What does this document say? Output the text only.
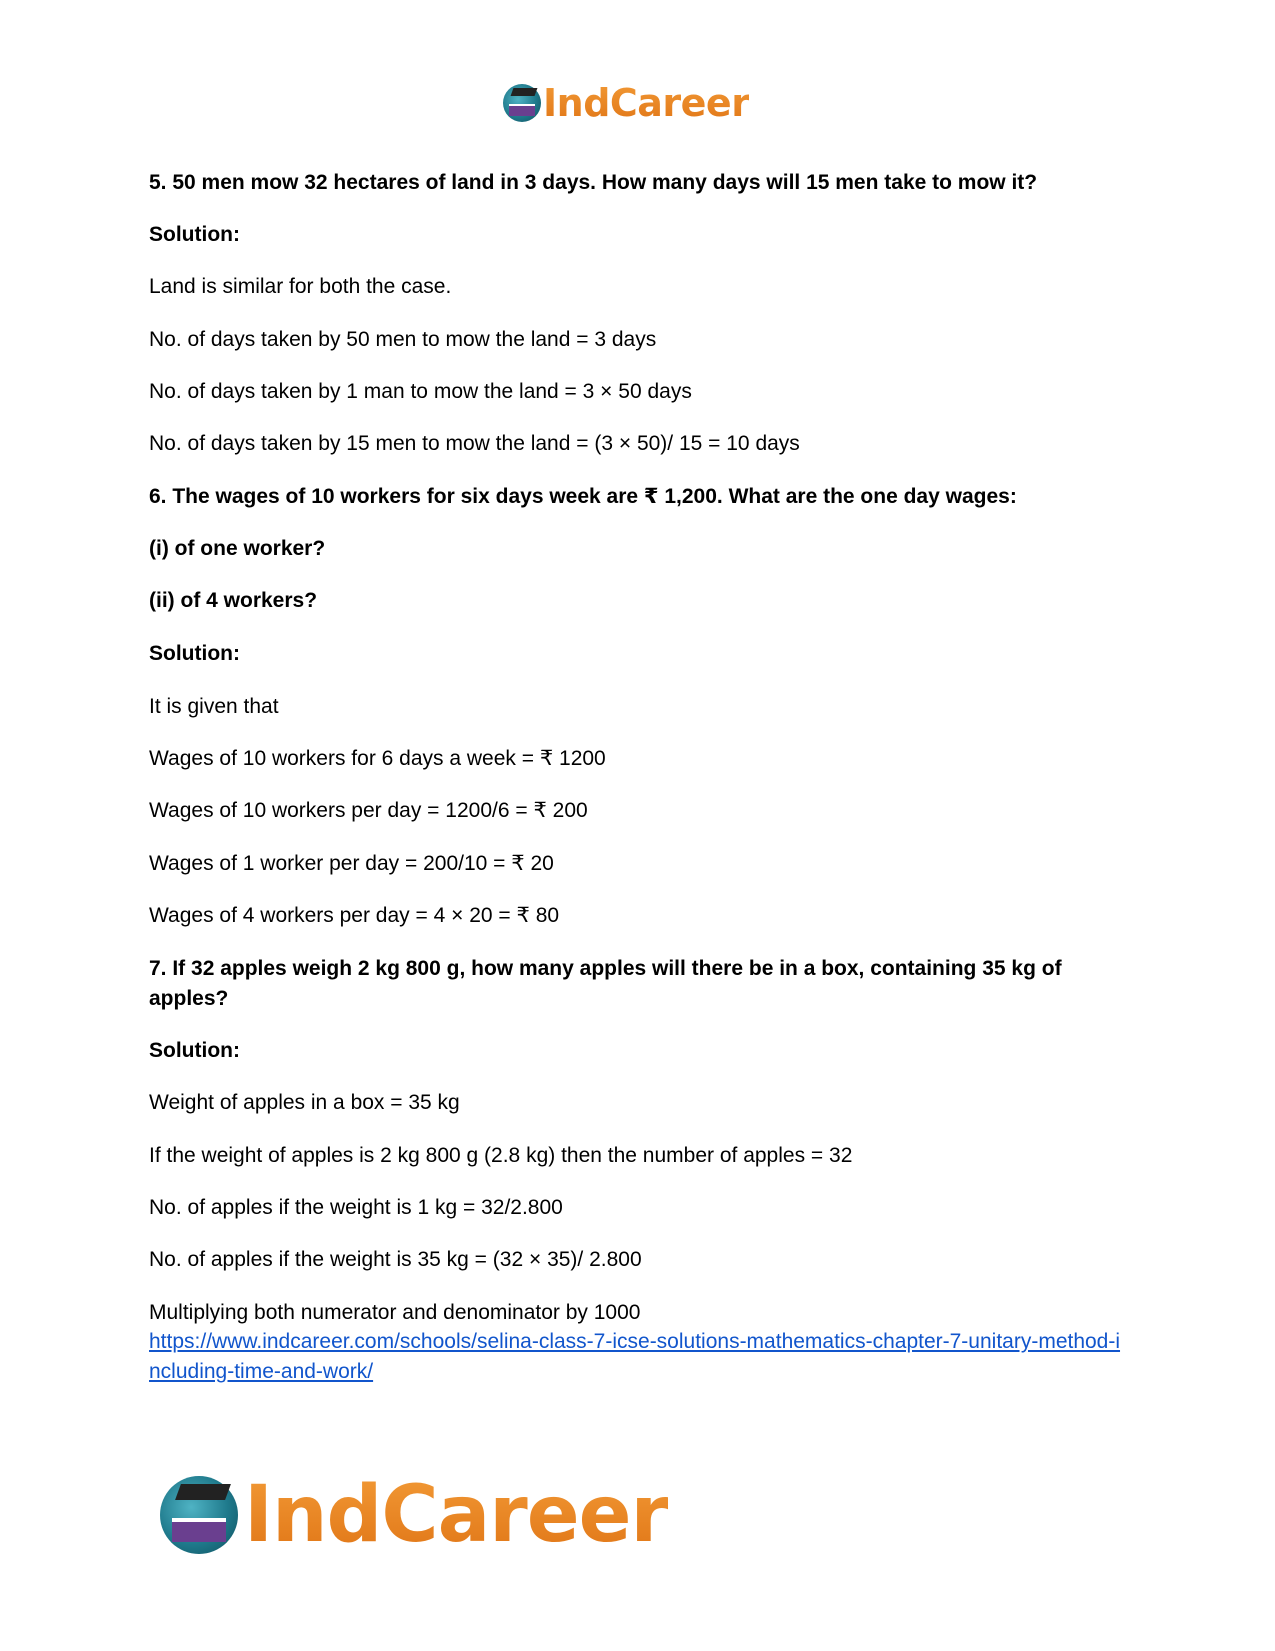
IndCareer
5. 50 men mow 32 hectares of land in 3 days. How many days will 15 men take to mow it?
Solution:
Land is similar for both the case.
No. of days taken by 50 men to mow the land = 3 days
No. of days taken by 1 man to mow the land = 3 × 50 days
No. of days taken by 15 men to mow the land = (3 × 50)/ 15 = 10 days
6. The wages of 10 workers for six days week are ₹ 1,200. What are the one day wages:
(i) of one worker?
(ii) of 4 workers?
Solution:
It is given that
Wages of 10 workers for 6 days a week = ₹ 1200
Wages of 10 workers per day = 1200/6 = ₹ 200
Wages of 1 worker per day = 200/10 = ₹ 20
Wages of 4 workers per day = 4 × 20 = ₹ 80
7. If 32 apples weigh 2 kg 800 g, how many apples will there be in a box, containing 35 kg of apples?
Solution:
Weight of apples in a box = 35 kg
If the weight of apples is 2 kg 800 g (2.8 kg) then the number of apples = 32
No. of apples if the weight is 1 kg = 32/2.800
No. of apples if the weight is 35 kg = (32 × 35)/ 2.800
Multiplying both numerator and denominator by 1000
https://www.indcareer.com/schools/selina-class-7-icse-solutions-mathematics-chapter-7-unitary-method-including-time-and-work/
IndCareer
